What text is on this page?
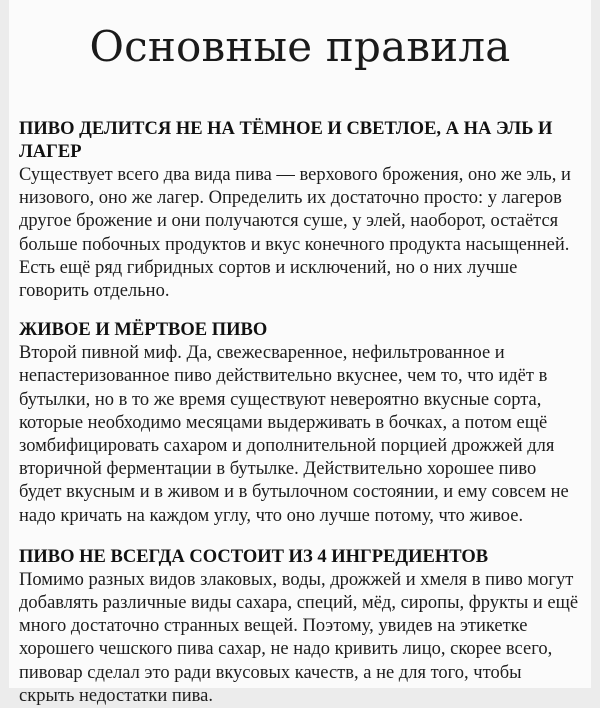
Основные правила

ПИВО ДЕЛИТСЯ НЕ НА ТЁМНОЕ И СВЕТЛОЕ, А НА ЭЛЬ И ЛАГЕР

Существует всего два вида пива — верхового брожения, оно же эль, и низового, оно же лагер. Определить их достаточно просто: у лагеров другое брожение и они получаются суше, у элей, наоборот, остаётся больше побочных продуктов и вкус конечного продукта насыщенней. Есть ещё ряд гибридных сортов и исключений, но о них лучше говорить отдельно.

ЖИВОЕ И МЁРТВОЕ ПИВО

Второй пивной миф. Да, свежесваренное, нефильтрованное и непастеризованное пиво действительно вкуснее, чем то, что идёт в бутылки, но в то же время существуют невероятно вкусные сорта, которые необходимо месяцами выдерживать в бочках, а потом ещё зомбифицировать сахаром и дополнительной порцией дрожжей для вторичной ферментации в бутылке. Действительно хорошее пиво будет вкусным и в живом и в бутылочном состоянии, и ему совсем не надо кричать на каждом углу, что оно лучше потому, что живое.

ПИВО НЕ ВСЕГДА СОСТОИТ ИЗ 4 ИНГРЕДИЕНТОВ

Помимо разных видов злаковых, воды, дрожжей и хмеля в пиво могут добавлять различные виды сахара, специй, мёд, сиропы, фрукты и ещё много достаточно странных вещей. Поэтому, увидев на этикетке хорошего чешского пива сахар, не надо кривить лицо, скорее всего, пивовар сделал это ради вкусовых качеств, а не для того, чтобы скрыть недостатки пива.
